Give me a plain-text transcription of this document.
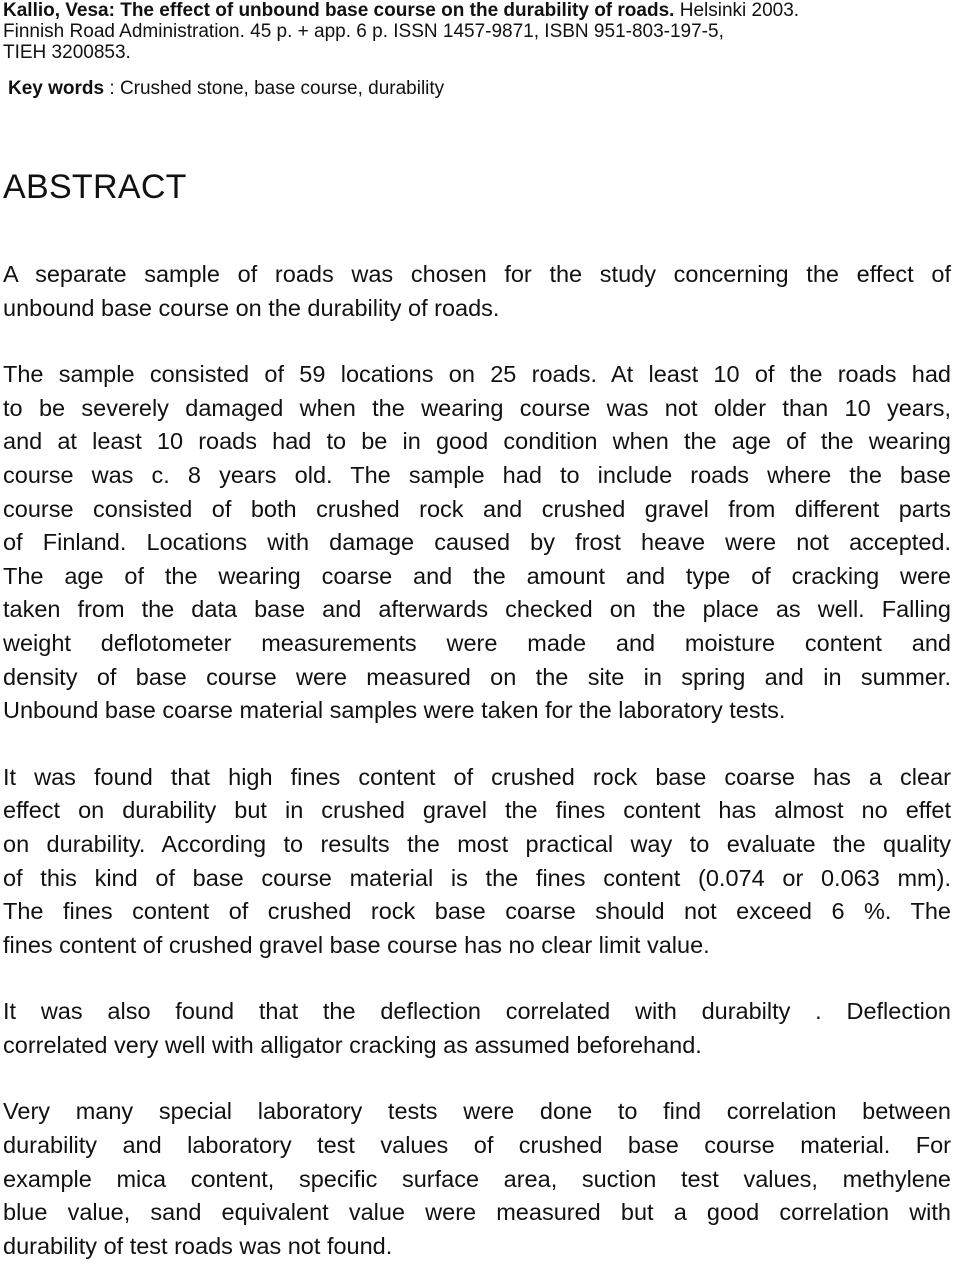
Kallio, Vesa: The effect of unbound base course on the durability of roads. Helsinki 2003.
Finnish Road Administration. 45 p. + app. 6 p. ISSN 1457-9871, ISBN 951-803-197-5,
TIEH 3200853.
Key words : Crushed stone, base course, durability
ABSTRACT
A separate sample of roads was chosen for the study concerning the effect of
unbound base course on the durability of roads.
The sample consisted of 59 locations on 25 roads. At least 10 of the roads had
to be severely damaged when the wearing course was not older than 10 years,
and at least 10 roads had to be in good condition when the age of the wearing
course was c. 8 years old. The sample had to include roads where the base
course consisted of both crushed rock and crushed gravel from different parts
of Finland. Locations with damage caused by frost heave were not accepted.
The age of the wearing coarse and the amount and type of cracking were
taken from the data base and afterwards checked on the place as well. Falling
weight deflotometer measurements were made and moisture content and
density of base course were measured on the site in spring and in summer.
Unbound base coarse material samples were taken for the laboratory tests.
It was found that high fines content of crushed rock base coarse has a clear
effect on durability but in crushed gravel the fines content has almost no effet
on durability. According to results the most practical way to evaluate the quality
of this kind of base course material is the fines content (0.074 or 0.063 mm).
The fines content of crushed rock base coarse should not exceed 6 %. The
fines content of crushed gravel base course has no clear limit value.
It was also found that the deflection correlated with durabilty . Deflection
correlated very well with alligator cracking as assumed beforehand.
Very many special laboratory tests were done to find correlation between
durability and laboratory test values of crushed base course material. For
example mica content, specific surface area, suction test values, methylene
blue value, sand equivalent value were measured but a good correlation with
durability of test roads was not found.
